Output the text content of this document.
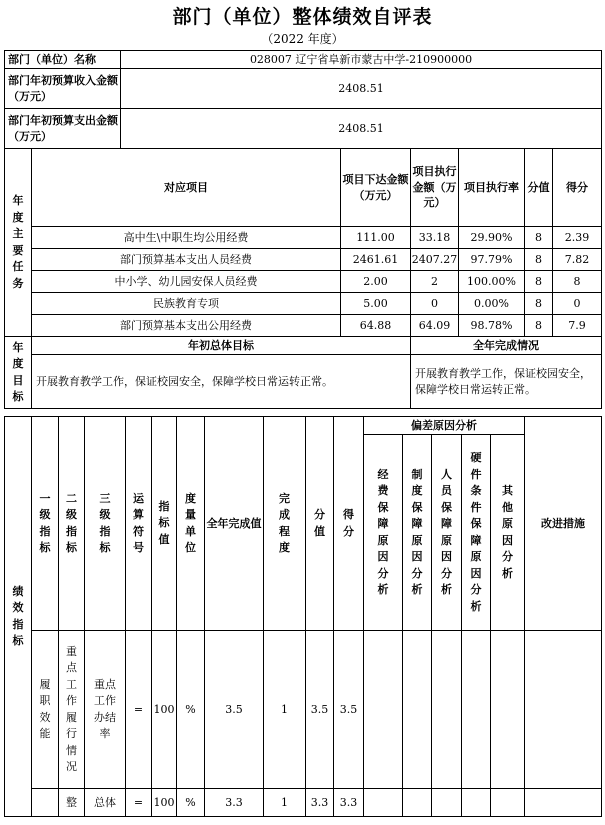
部门（单位）整体绩效自评表
（2022 年度）
部门（单位）名称		028007 辽宁省阜新市蒙古中学-210900000					
部门年初预算收入金额（万元）		2408.51					
部门年初预算支出金额（万元）		2408.51					
年度主要任务	对应项目		项目下达金额（万元）	项目执行金额（万元）	项目执行率	分值	得分
	高中生\中职生均公用经费		111.00	33.18	29.90%	8	2.39
	部门预算基本支出人员经费		2461.61	2407.27	97.79%	8	7.82
	中小学、幼儿园安保人员经费		2.00	2	100.00%	8	8
	民族教育专项		5.00	0	0.00%	8	0
	部门预算基本支出公用经费		64.88	64.09	98.78%	8	7.9
年度目标	年初总体目标			全年完成情况			
	开展教育教学工作，保证校园安全，保障学校日常运转正常。			开展教育教学工作，保证校园安全，保障学校日常运转正常。			
绩效指标	一级指标	二级指标	三级指标	运算符号	指标值	度量单位	全年完成值	完成程度	分值	得分	偏差原因分析					改进措施
											经费保障原因分析	制度保障原因分析	人员保障原因分析	硬件条件保障原因分析	其他原因分析	
	履职效能	重点工作履行情况	重点工作办结率	=	100	%	3.5	1	3.5	3.5						
		整	总体	=	100	%	3.3	1	3.3	3.3						
